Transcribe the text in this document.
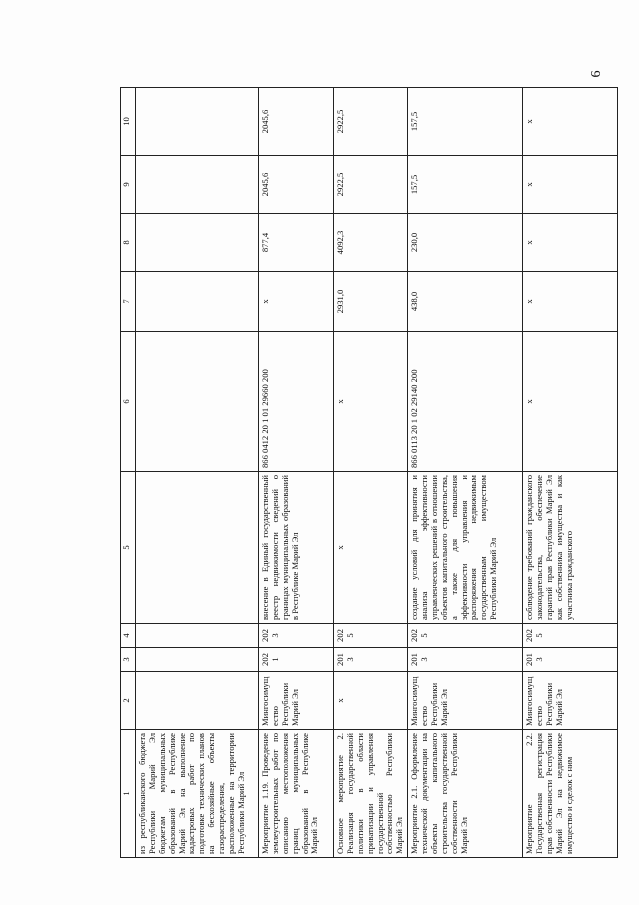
6
1	2	3	4	5	6	7	8	9	10
из республиканского бюджета Республики Марий Эл бюджетам муниципальных образований в Республике Марий Эл на выполнение кадастровых работ по подготовке технических планов на бесхозяйные объекты газораспределения, расположенные на территории Республики Марий Эл									
Мероприятие 1.19. Проведение землеустроительных работ по описанию местоположения границ муниципальных образований в Республике Марий Эл	Мингосимущество Республики Марий Эл	2021	2023	внесение в Единый государственный реестр недвижимости сведений о границах муниципальных образований в Республике Марий Эл	866 0412 20 1 01 29660 200	x	877,4	2045,6	2045,6
Основное мероприятие 2. Реализация государственной политики в области приватизации и управления государственной собственностью Республики Марий Эл	x	2013	2025	x	x	2931,0	4092,3	2922,5	2922,5
Мероприятие 2.1. Оформление технической документации на объекты капитального строительства государственной собственности Республики Марий Эл	Мингосимущество Республики Марий Эл	2013	2025	создание условий для принятия и анализа эффективности управленческих решений в отношении объектов капитального строительства, а также для повышения эффективности управления и распоряжения недвижимым государственным имуществом Республики Марий Эл	866 0113 20 1 02 29140 200	438,0	230,0	157,5	157,5
Мероприятие 2.2. Государственная регистрация прав собственности Республики Марий Эл на недвижимое имущество и сделок с ним	Мингосимущество Республики Марий Эл	2013	2025	соблюдение требований гражданского законодательства, обеспечение гарантий прав Республики Марий Эл как собственника имущества и как участника гражданского	x	x	x	x	x
